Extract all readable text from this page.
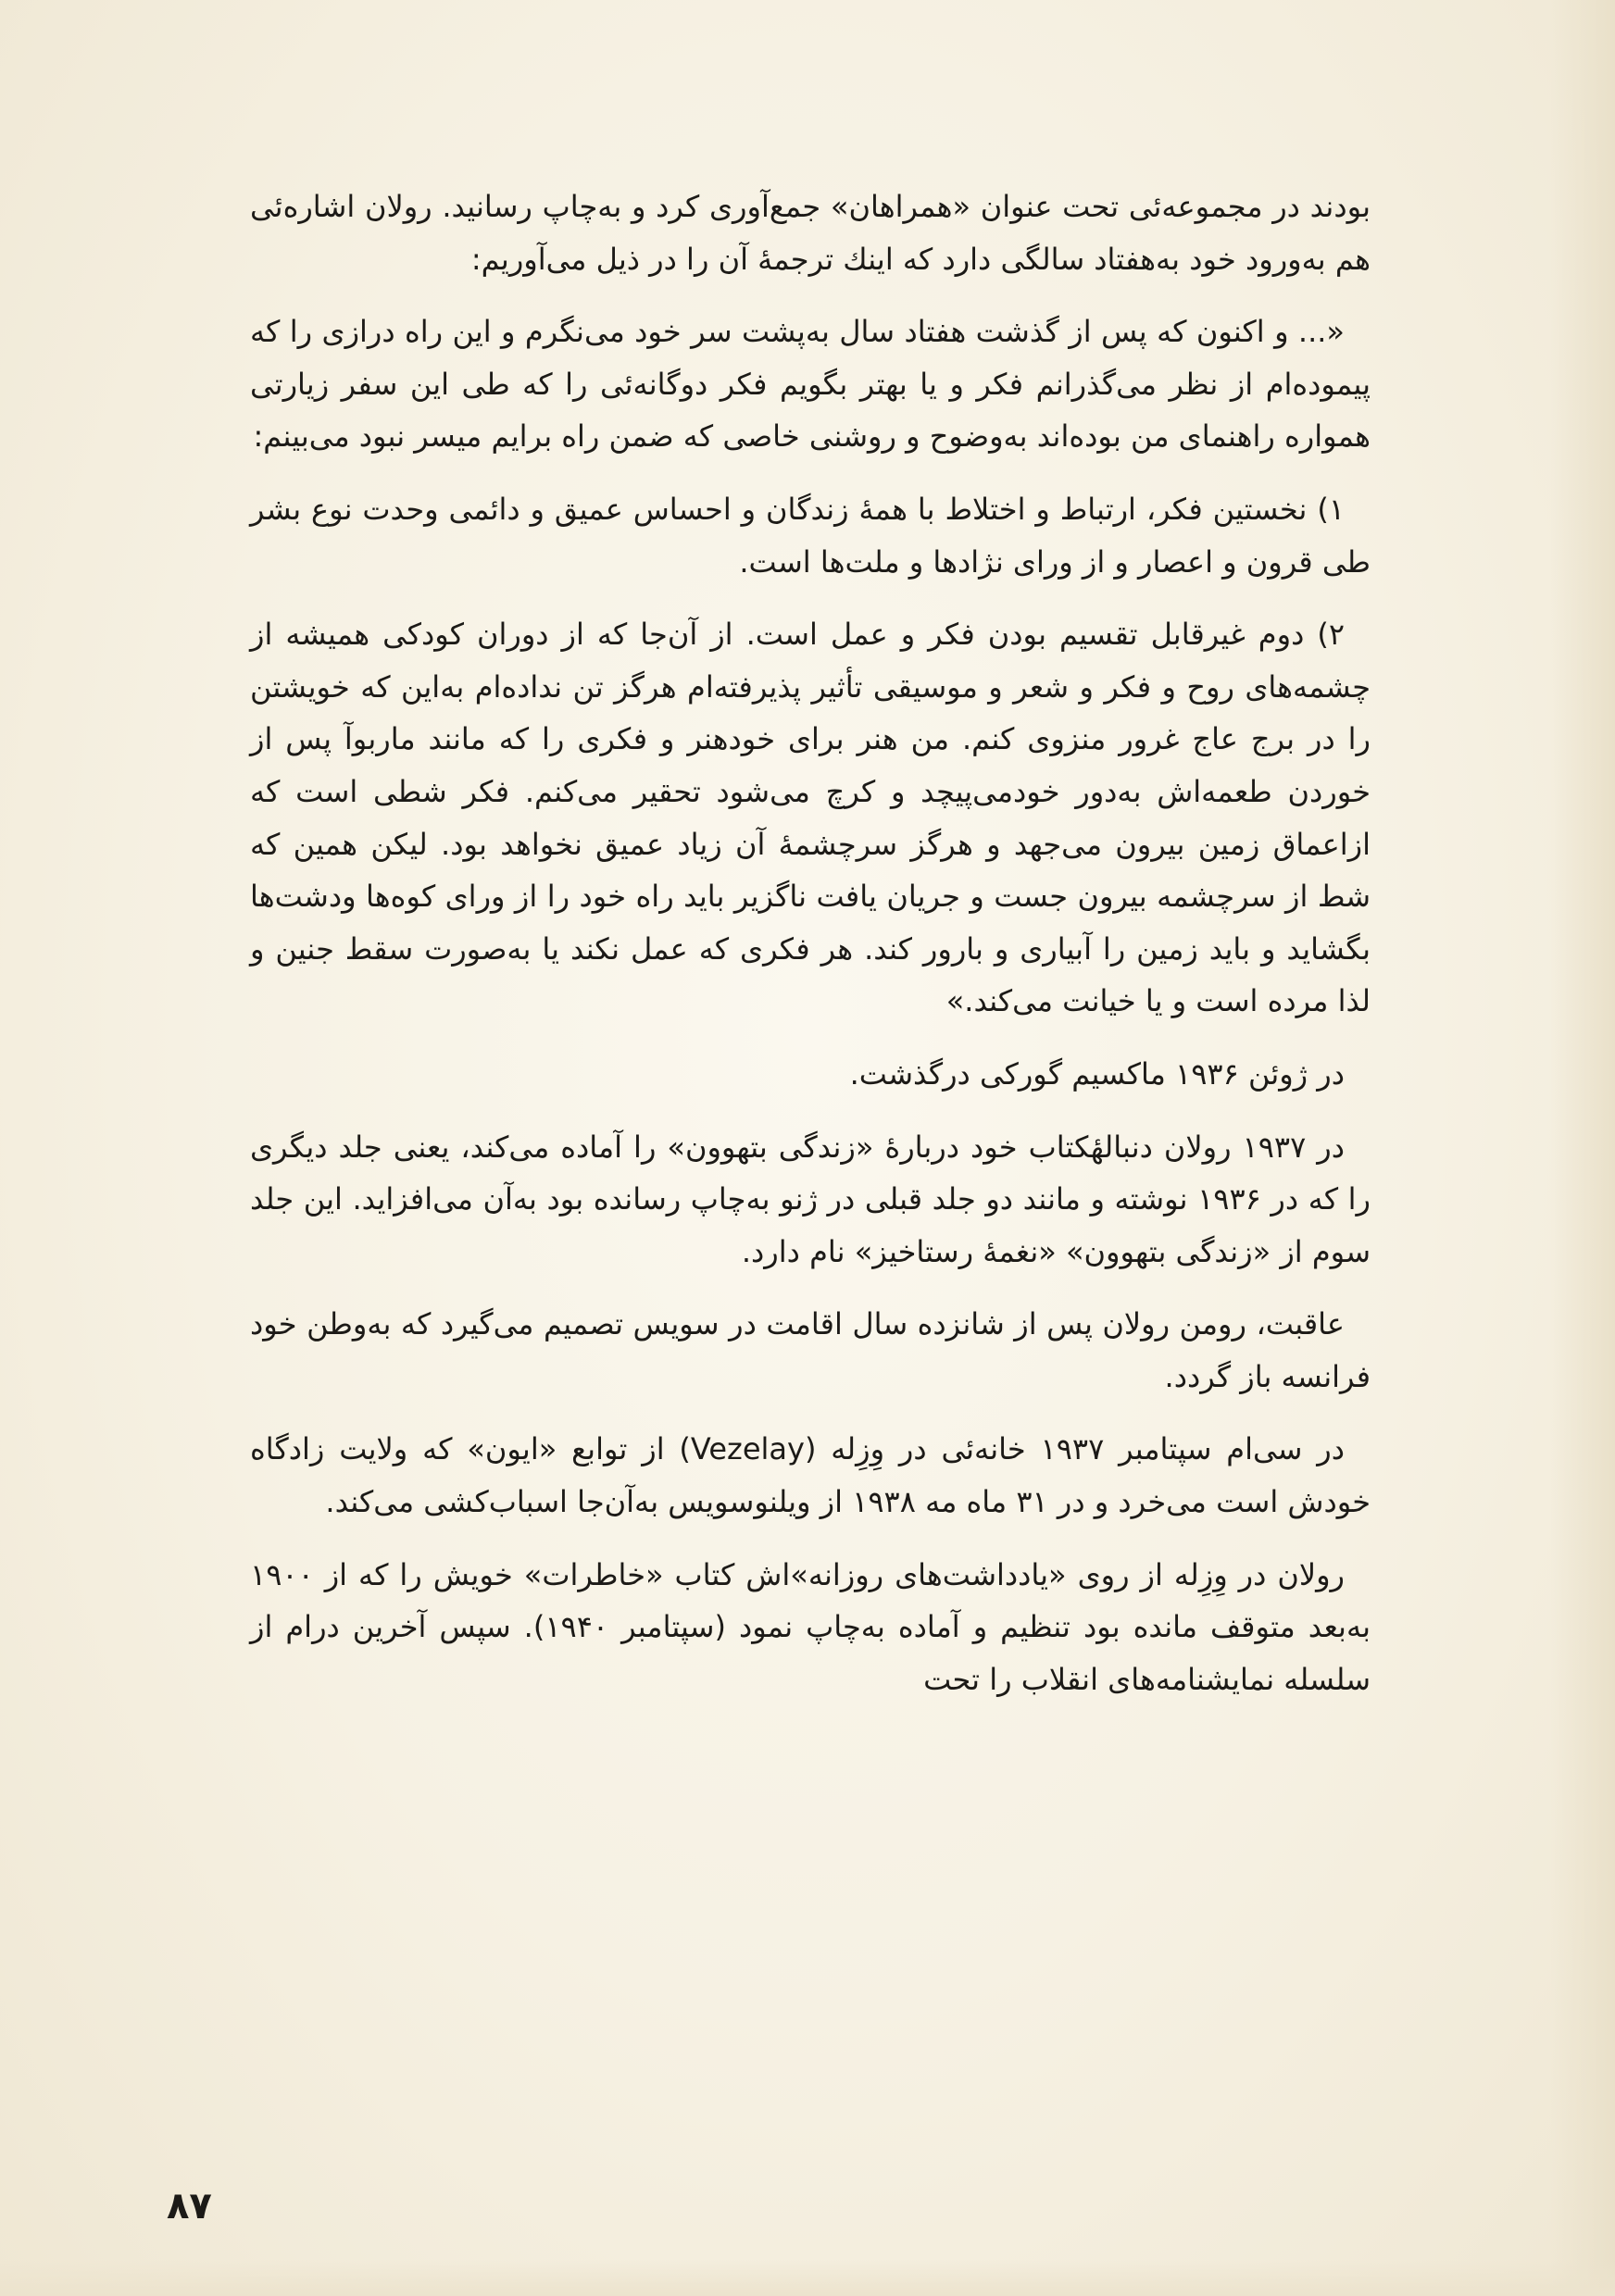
بودند در مجموعه‌ئی تحت عنوان «همراهان» جمع‌آوری کرد و به‌چاپ رسانید. رولان اشاره‌ئی هم به‌ورود خود به‌هفتاد سالگی دارد که اینك ترجمهٔ آن را در ذیل می‌آوریم:

«... و اکنون که پس از گذشت هفتاد سال به‌پشت سر خود می‌نگرم و این راه درازی را که پیموده‌ام از نظر می‌گذرانم فکر و یا بهتر بگویم فکر دوگانه‌ئی را که طی این سفر زیارتی همواره راهنمای من بوده‌اند به‌وضوح و روشنی خاصی که ضمن راه برایم میسر نبود می‌بینم:

۱) نخستین فکر، ارتباط و اختلاط با همهٔ زندگان و احساس عمیق و دائمی وحدت نوع بشر طی قرون و اعصار و از ورای نژادها و ملت‌ها است.

۲) دوم غیرقابل تقسیم بودن فکر و عمل است. از آن‌جا که از دوران کودکی همیشه از چشمه‌های روح و فکر و شعر و موسیقی تأثیر پذیرفته‌ام هرگز تن نداده‌ام به‌این که خویشتن را در برج عاج غرور منزوی کنم. من هنر برای خودهنر و فکری را که مانند ماربوآ پس از خوردن طعمه‌اش به‌دور خودمی‌پیچد و کرچ می‌شود تحقیر می‌کنم. فکر شطی است که ازاعماق زمین بیرون می‌جهد و هرگز سرچشمهٔ آن زیاد عمیق نخواهد بود. لیکن همین که شط از سرچشمه بیرون جست و جریان یافت ناگزیر باید راه خود را از ورای کوه‌ها ودشت‌ها بگشاید و باید زمین را آبیاری و بارور کند. هر فکری که عمل نکند یا به‌صورت سقط جنین و لذا مرده است و یا خیانت می‌کند.»

در ژوئن ۱۹۳۶ ماکسیم گورکی درگذشت.

در ۱۹۳۷ رولان دنبالهٔکتاب خود دربارهٔ «زندگی بتهوون» را آماده می‌کند، یعنی جلد دیگری را که در ۱۹۳۶ نوشته و مانند دو جلد قبلی در ژنو به‌چاپ رسانده بود به‌آن می‌افزاید. این جلد سوم از «زندگی بتهوون» «نغمهٔ رستاخیز» نام دارد.

عاقبت، رومن رولان پس از شانزده سال اقامت در سویس تصمیم می‌گیرد که به‌وطن خود فرانسه باز گردد.

در سی‌ام سپتامبر ۱۹۳۷ خانه‌ئی در وِزِله (Vezelay) از توابع «ایون» که ولایت زادگاه خودش است می‌خرد و در ۳۱ ماه مه ۱۹۳۸ از ویلنوسویس به‌آن‌جا اسباب‌کشی می‌کند.

رولان در وِزِله از روی «یادداشت‌های روزانه»اش کتاب «خاطرات» خویش را که از ۱۹۰۰ به‌بعد متوقف مانده بود تنظیم و آماده به‌چاپ نمود (سپتامبر ۱۹۴۰). سپس آخرین درام از سلسله نمایشنامه‌های انقلاب را تحت

۸۷
